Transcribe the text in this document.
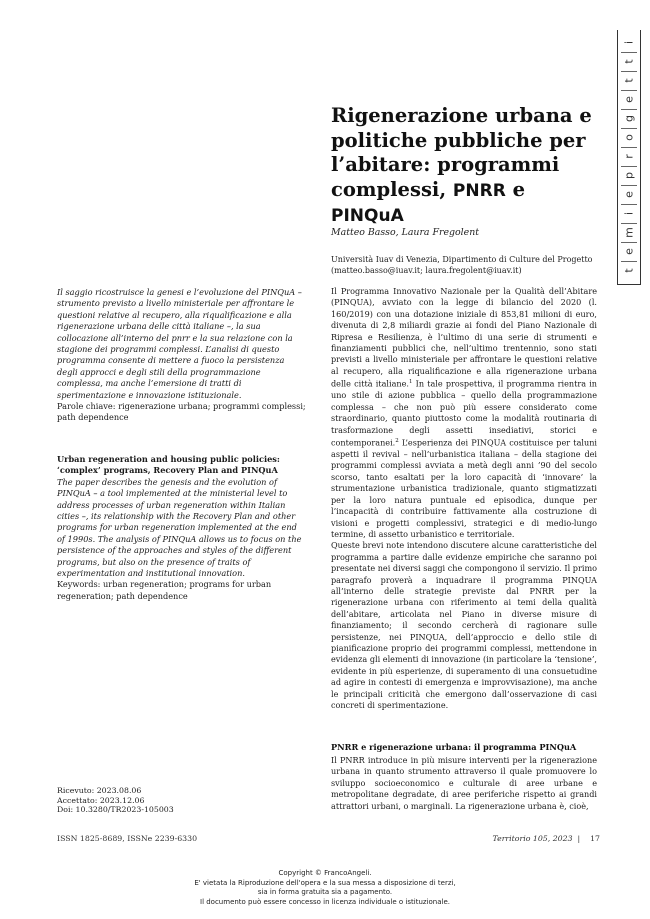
i
t
t
e
g
o
r
p
e
i
m
e
t
Rigenerazione urbana e politiche pubbliche per l’abitare: programmi complessi, PNRR e
PINQuA
Matteo Basso, Laura Fregolent
Università Iuav di Venezia, Dipartimento di Culture del Progetto (matteo.basso@iuav.it; laura.fregolent@iuav.it)
Il saggio ricostruisce la genesi e l’evoluzione del PINQuA – strumento previsto a livello ministeriale per affrontare le questioni relative al recupero, alla riqualificazione e alla rigenerazione urbana delle città italiane –, la sua collocazione all’interno del pnrr e la sua relazione con la stagione dei programmi complessi. L’analisi di questo programma consente di mettere a fuoco la persistenza degli approcci e degli stili della programmazione complessa, ma anche l’emersione di tratti di sperimentazione e innovazione istituzionale.
Parole chiave: rigenerazione urbana; programmi complessi; path dependence
Urban regeneration and housing public policies: ‘complex’ programs, Recovery Plan and PINQuA
The paper describes the genesis and the evolution of PINQuA – a tool implemented at the ministerial level to address processes of urban regeneration within Italian cities –, its relationship with the Recovery Plan and other programs for urban regeneration implemented at the end of 1990s. The analysis of PINQuA allows us to focus on the persistence of the approaches and styles of the different programs, but also on the presence of traits of experimentation and institutional innovation.
Keywords: urban regeneration; programs for urban regeneration; path dependence
Ricevuto: 2023.08.06
Accettato: 2023.12.06
Doi: 10.3280/TR2023-105003

Il Programma Innovativo Nazionale per la Qualità dell’Abitare (PINQUA), avviato con la legge di bilancio del 2020 (l. 160/2019) con una dotazione iniziale di 853,81 milioni di euro, divenuta di 2,8 miliardi grazie ai fondi del Piano Nazionale di Ripresa e Resilienza, è l’ultimo di una serie di strumenti e finanziamenti pubblici che, nell’ultimo trentennio, sono stati previsti a livello ministeriale per affrontare le questioni relative al recupero, alla riqualificazione e alla rigenerazione urbana delle città italiane.$^1$ In tale prospettiva, il programma rientra in uno stile di azione pubblica – quello della programmazione complessa – che non può più essere considerato come straordinario, quanto piuttosto come la modalità routinaria di trasformazione degli assetti insediativi, storici e contemporanei.$^2$ L’esperienza dei PINQUA costituisce per taluni aspetti il revival – nell’urbanistica italiana – della stagione dei programmi complessi avviata a metà degli anni ’90 del secolo scorso, tanto esaltati per la loro capacità di ‘innovare’ la strumentazione urbanistica tradizionale, quanto stigmatizzati per la loro natura puntuale ed episodica, dunque per l’incapacità di contribuire fattivamente alla costruzione di visioni e progetti complessivi, strategici e di medio-lungo termine, di assetto urbanistico e territoriale.

Queste brevi note intendono discutere alcune caratteristiche del programma a partire dalle evidenze empiriche che saranno poi presentate nei diversi saggi che compongono il servizio. Il primo paragrafo proverà a inquadrare il programma PINQUA all’interno delle strategie previste dal PNRR per la rigenerazione urbana con riferimento ai temi della qualità dell’abitare, articolata nel Piano in diverse misure di finanziamento; il secondo cercherà di ragionare sulle persistenze, nei PINQUA, dell’approccio e dello stile di pianificazione proprio dei programmi complessi, mettendone in evidenza gli elementi di innovazione (in particolare la ‘tensione’, evidente in più esperienze, di superamento di una consuetudine ad agire in contesti di emergenza e improvvisazione), ma anche le principali criticità che emergono dall’osservazione di casi concreti di sperimentazione.

PNRR e rigenerazione urbana: il programma PINQuA
Il PNRR introduce in più misure interventi per la rigenerazione urbana in quanto strumento attraverso il quale promuovere lo sviluppo socioeconomico e culturale di aree urbane e metropolitane degradate, di aree periferiche rispetto ai grandi attrattori urbani, o marginali. La rigenerazione urbana è, cioè,
ISSN 1825-8689, ISSNe 2239-6330	Territorio 105, 2023 | 17
Copyright © FrancoAngeli.
E' vietata la Riproduzione dell'opera e la sua messa a disposizione di terzi,
sia in forma gratuita sia a pagamento.
Il documento può essere concesso in licenza individuale o istituzionale.
